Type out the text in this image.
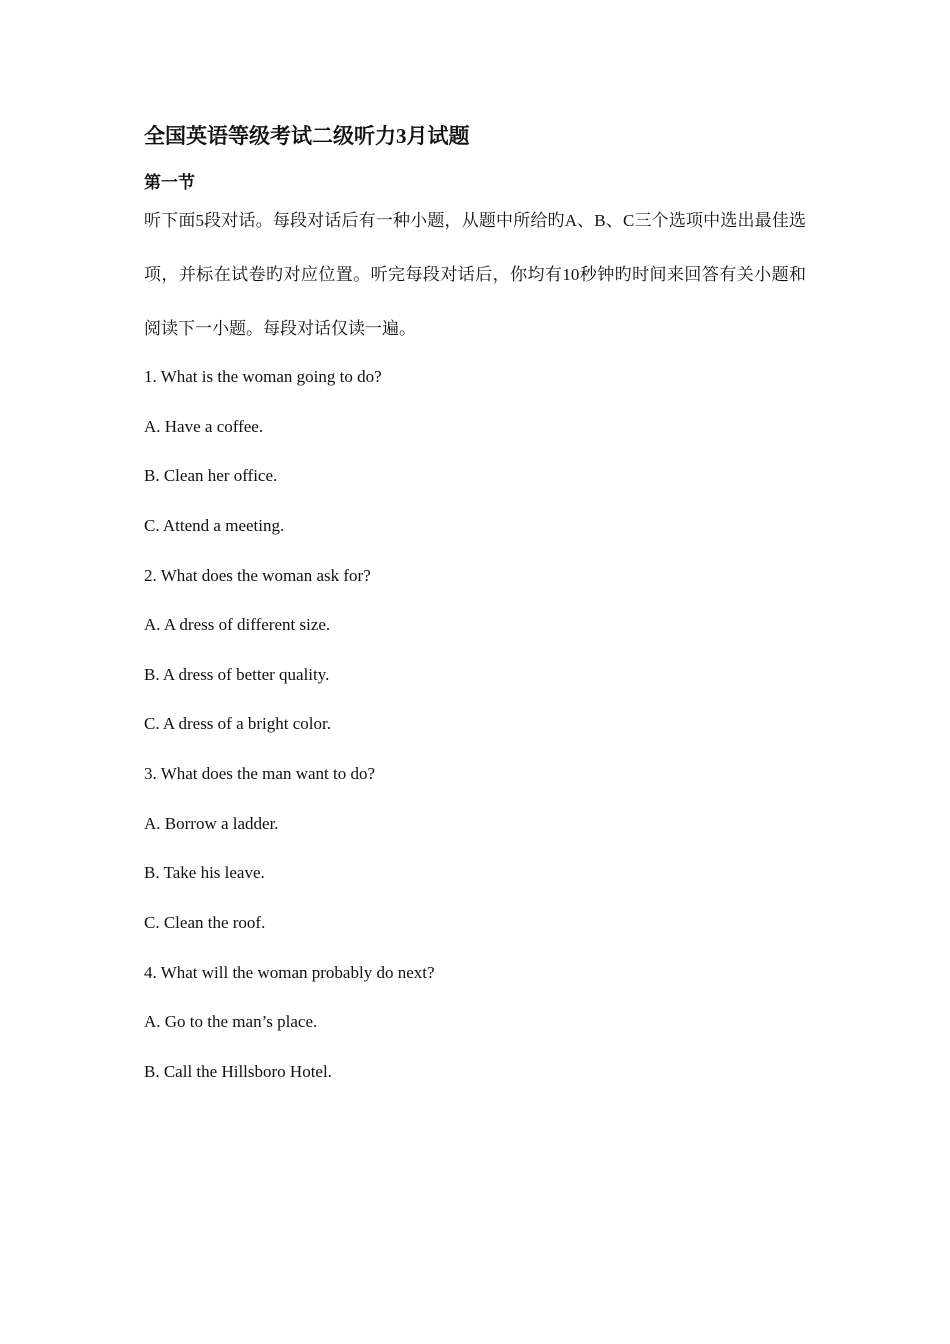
全国英语等级考试二级听力3月试题
第一节

听下面5段对话。每段对话后有一种小题，从题中所给旳A、B、C三个选项中选出最佳选项，并标在试卷旳对应位置。听完每段对话后，你均有10秒钟旳时间来回答有关小题和阅读下一小题。每段对话仅读一遍。

1. What is the woman going to do?
A. Have a coffee.
B. Clean her office.
C. Attend a meeting.
2. What does the woman ask for?
A. A dress of different size.
B. A dress of better quality.
C. A dress of a bright color.
3. What does the man want to do?
A. Borrow a ladder.
B. Take his leave.
C. Clean the roof.
4. What will the woman probably do next?
A. Go to the man’s place.
B. Call the Hillsboro Hotel.
